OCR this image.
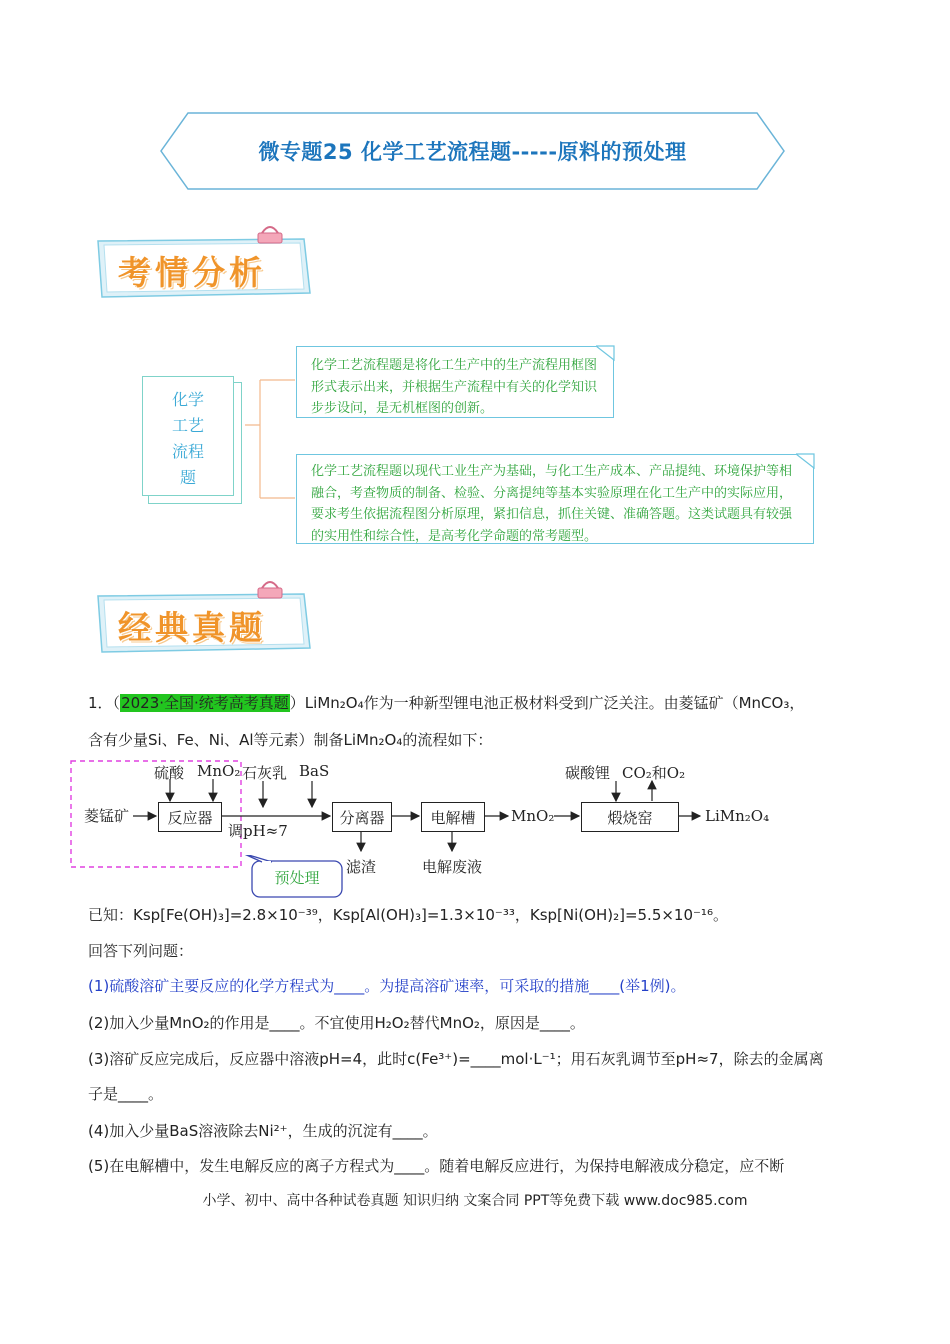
微专题25 化学工艺流程题-----原料的预处理
考情分析
化学
工艺
流程
题
化学工艺流程题是将化工生产中的生产流程用框图形式表示出来，并根据生产流程中有关的化学知识步步设问，是无机框图的创新。
化学工艺流程题以现代工业生产为基础，与化工生产成本、产品提纯、环境保护等相融合，考查物质的制备、检验、分离提纯等基本实验原理在化工生产中的实际应用，要求考生依据流程图分析原理，紧扣信息，抓住关键、准确答题。这类试题具有较强的实用性和综合性，是高考化学命题的常考题型。
经典真题
1．（2023·全国·统考高考真题）LiMn₂O₄作为一种新型锂电池正极材料受到广泛关注。由菱锰矿（MnCO₃，
含有少量Si、Fe、Ni、Al等元素）制备LiMn₂O₄的流程如下：
菱锰矿	反应器
硫酸 MnO₂ 石灰乳 BaS
调pH≈7
分离器
滤渣
电解槽
电解废液
MnO₂
碳酸锂 CO₂和O₂
煅烧窑	LiMn₂O₄
预处理
已知：Ksp[Fe(OH)₃]=2.8×10⁻³⁹，Ksp[Al(OH)₃]=1.3×10⁻³³，Ksp[Ni(OH)₂]=5.5×10⁻¹⁶。
回答下列问题：
(1)硫酸溶矿主要反应的化学方程式为____。为提高溶矿速率，可采取的措施____(举1例)。
(2)加入少量MnO₂的作用是____。不宜使用H₂O₂替代MnO₂，原因是____。
(3)溶矿反应完成后，反应器中溶液pH=4，此时c(Fe³⁺)=____mol·L⁻¹；用石灰乳调节至pH≈7，除去的金属离
子是____。
(4)加入少量BaS溶液除去Ni²⁺，生成的沉淀有____。
(5)在电解槽中，发生电解反应的离子方程式为____。随着电解反应进行，为保持电解液成分稳定，应不断
小学、初中、高中各种试卷真题 知识归纳 文案合同 PPT等免费下载 www.doc985.com
